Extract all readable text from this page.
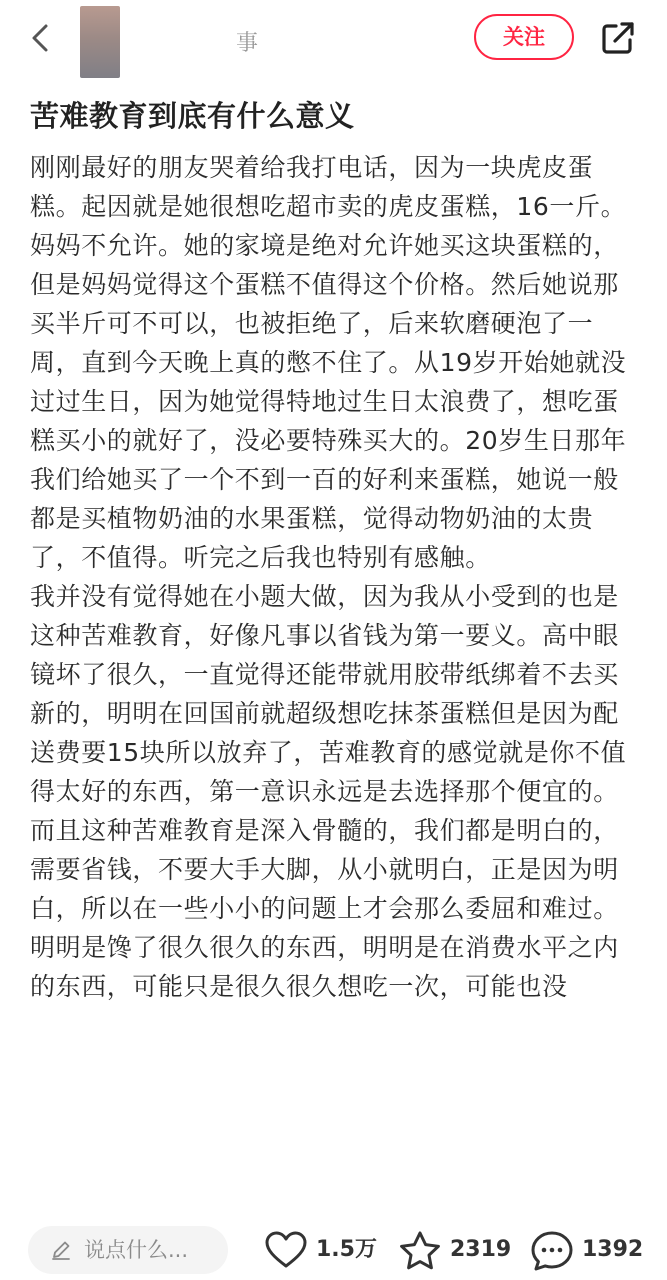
事	关注
苦难教育到底有什么意义

刚刚最好的朋友哭着给我打电话，因为一块虎皮蛋糕。起因就是她很想吃超市卖的虎皮蛋糕，16一斤。妈妈不允许。她的家境是绝对允许她买这块蛋糕的，但是妈妈觉得这个蛋糕不值得这个价格。然后她说那买半斤可不可以，也被拒绝了，后来软磨硬泡了一周，直到今天晚上真的憋不住了。从19岁开始她就没过过生日，因为她觉得特地过生日太浪费了，想吃蛋糕买小的就好了，没必要特殊买大的。20岁生日那年我们给她买了一个不到一百的好利来蛋糕，她说一般都是买植物奶油的水果蛋糕，觉得动物奶油的太贵了，不值得。听完之后我也特别有感触。

我并没有觉得她在小题大做，因为我从小受到的也是这种苦难教育，好像凡事以省钱为第一要义。高中眼镜坏了很久，一直觉得还能带就用胶带纸绑着不去买新的，明明在回国前就超级想吃抹茶蛋糕但是因为配送费要15块所以放弃了，苦难教育的感觉就是你不值得太好的东西，第一意识永远是去选择那个便宜的。而且这种苦难教育是深入骨髓的，我们都是明白的，需要省钱，不要大手大脚，从小就明白，正是因为明白，所以在一些小小的问题上才会那么委屈和难过。明明是馋了很久很久的东西，明明是在消费水平之内的东西，可能只是很久很久想吃一次，可能也没

说点什么...	1.5万	2319	1392
